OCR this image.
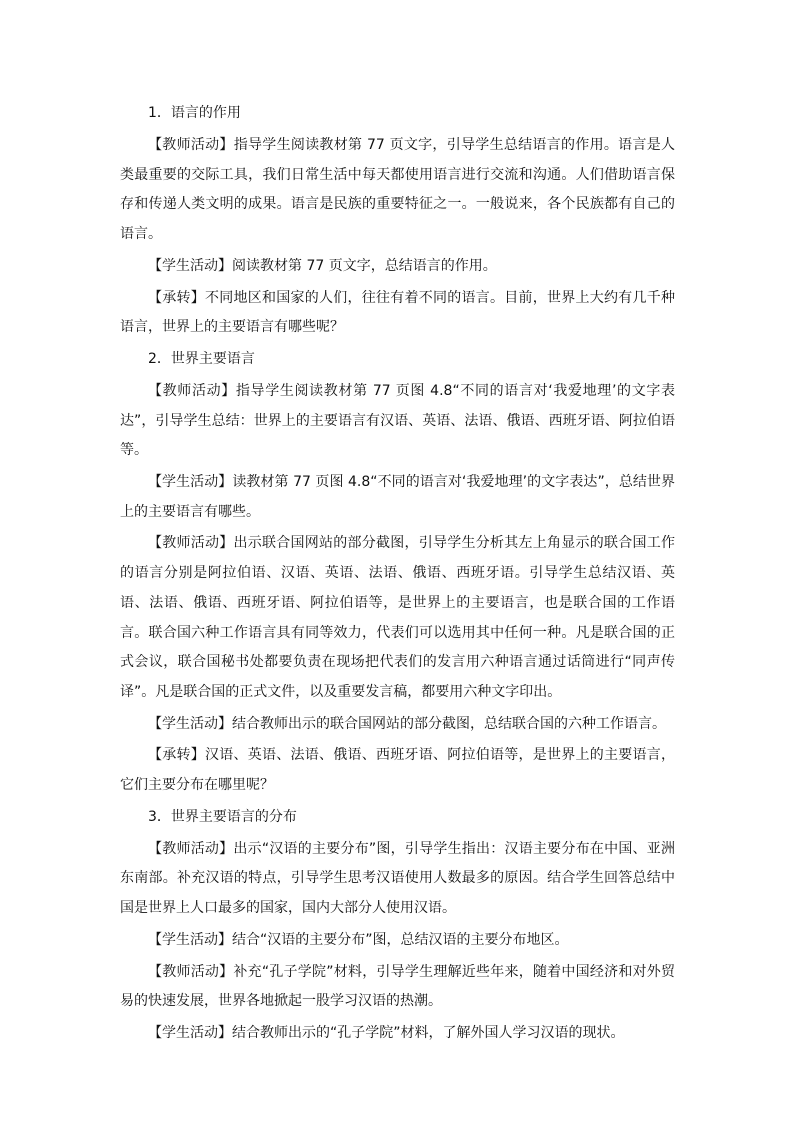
1．语言的作用

【教师活动】指导学生阅读教材第 77 页文字，引导学生总结语言的作用。语言是人类最重要的交际工具，我们日常生活中每天都使用语言进行交流和沟通。人们借助语言保存和传递人类文明的成果。语言是民族的重要特征之一。一般说来，各个民族都有自己的语言。

【学生活动】阅读教材第 77 页文字，总结语言的作用。

【承转】不同地区和国家的人们，往往有着不同的语言。目前，世界上大约有几千种语言，世界上的主要语言有哪些呢？

2．世界主要语言

【教师活动】指导学生阅读教材第 77 页图 4.8“不同的语言对‘我爱地理’的文字表达”，引导学生总结：世界上的主要语言有汉语、英语、法语、俄语、西班牙语、阿拉伯语等。

【学生活动】读教材第 77 页图 4.8“不同的语言对‘我爱地理’的文字表达”，总结世界上的主要语言有哪些。

【教师活动】出示联合国网站的部分截图，引导学生分析其左上角显示的联合国工作的语言分别是阿拉伯语、汉语、英语、法语、俄语、西班牙语。引导学生总结汉语、英语、法语、俄语、西班牙语、阿拉伯语等，是世界上的主要语言，也是联合国的工作语言。联合国六种工作语言具有同等效力，代表们可以选用其中任何一种。凡是联合国的正式会议，联合国秘书处都要负责在现场把代表们的发言用六种语言通过话筒进行“同声传译”。凡是联合国的正式文件，以及重要发言稿，都要用六种文字印出。

【学生活动】结合教师出示的联合国网站的部分截图，总结联合国的六种工作语言。

【承转】汉语、英语、法语、俄语、西班牙语、阿拉伯语等，是世界上的主要语言，它们主要分布在哪里呢？

3．世界主要语言的分布

【教师活动】出示“汉语的主要分布”图，引导学生指出：汉语主要分布在中国、亚洲东南部。补充汉语的特点，引导学生思考汉语使用人数最多的原因。结合学生回答总结中国是世界上人口最多的国家，国内大部分人使用汉语。

【学生活动】结合“汉语的主要分布”图，总结汉语的主要分布地区。

【教师活动】补充“孔子学院”材料，引导学生理解近些年来，随着中国经济和对外贸易的快速发展，世界各地掀起一股学习汉语的热潮。

【学生活动】结合教师出示的“孔子学院”材料，了解外国人学习汉语的现状。
